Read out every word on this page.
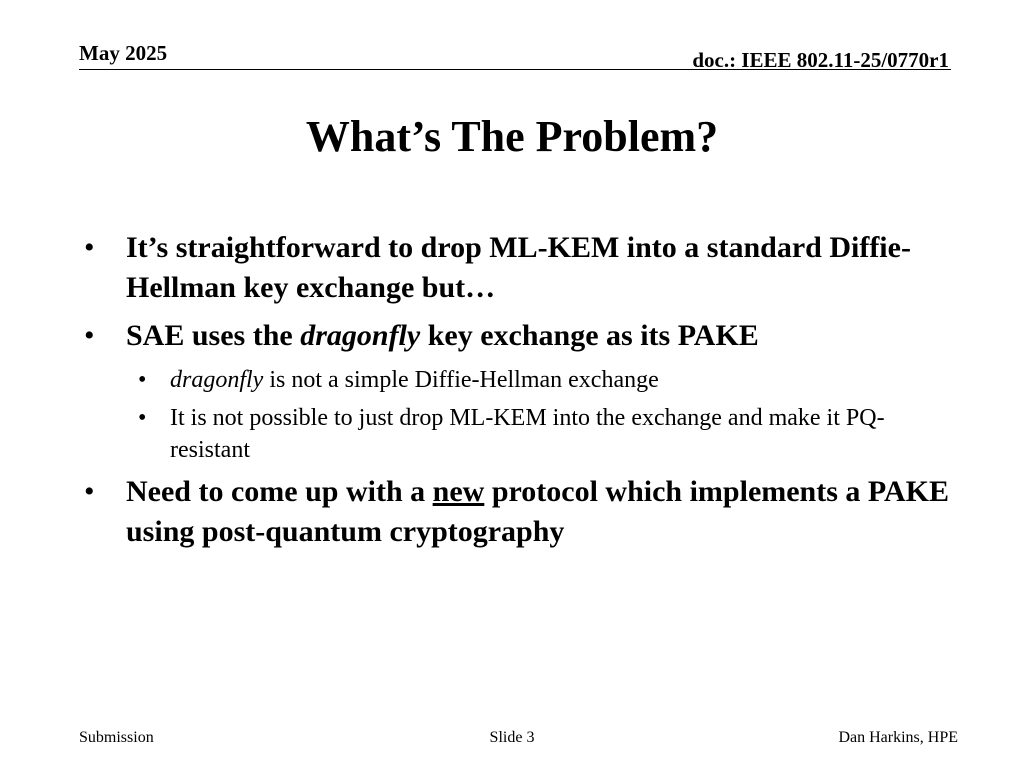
May 2025	doc.: IEEE 802.11-25/0770r1
What’s The Problem?
• It’s straightforward to drop ML-KEM into a standard Diffie-Hellman key exchange but…
• SAE uses the dragonfly key exchange as its PAKE
• dragonfly is not a simple Diffie-Hellman exchange
• It is not possible to just drop ML-KEM into the exchange and make it PQ-resistant
• Need to come up with a new protocol which implements a PAKE using post-quantum cryptography
Submission	Slide 3	Dan Harkins, HPE
